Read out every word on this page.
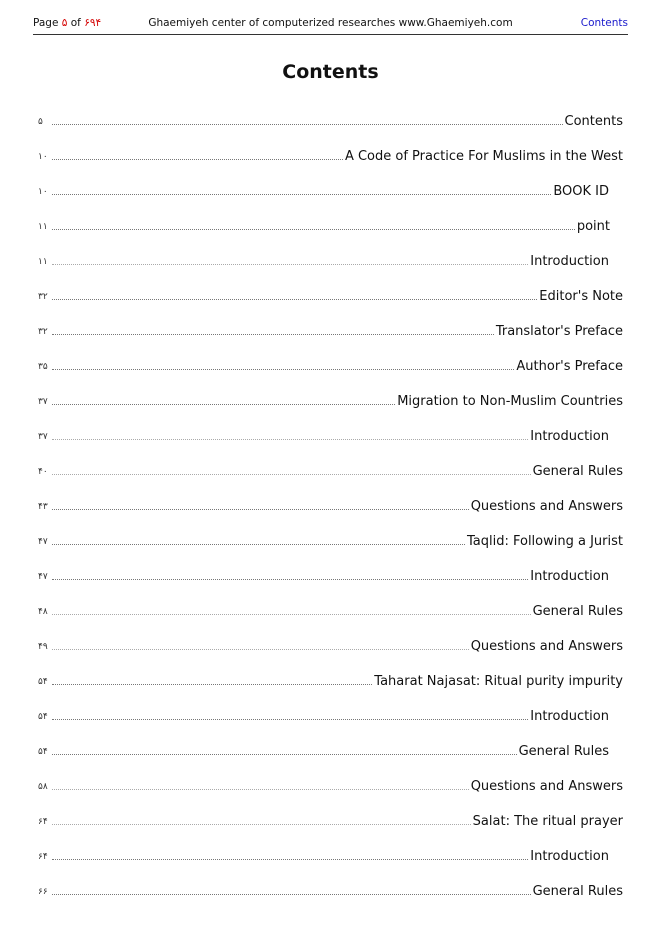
Page ۵ of ۶۹۴	Ghaemiyeh center of computerized researches www.Ghaemiyeh.com	Contents
Contents
۵	Contents
۱۰	A Code of Practice For Muslims in the West
۱۰	BOOK ID
۱۱	point
۱۱	Introduction
۳۲	Editor's Note
۳۲	Translator's Preface
۳۵	Author's Preface
۳۷	Migration to Non-Muslim Countries
۳۷	Introduction
۴۰	General Rules
۴۳	Questions and Answers
۴۷	Taqlid: Following a Jurist
۴۷	Introduction
۴۸	General Rules
۴۹	Questions and Answers
۵۴	Taharat Najasat: Ritual purity impurity
۵۴	Introduction
۵۴	General Rules
۵۸	Questions and Answers
۶۴	Salat: The ritual prayer
۶۴	Introduction
۶۶	General Rules
